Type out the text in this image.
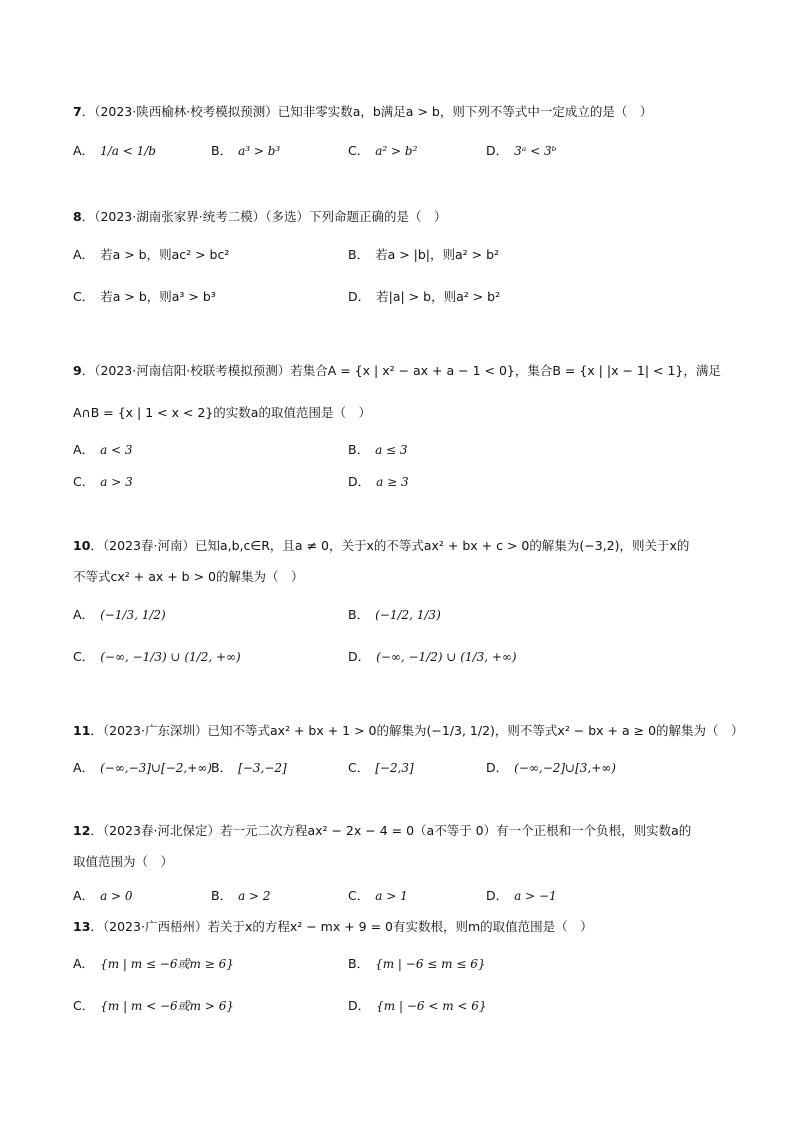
7．（2023·陕西榆林·校考模拟预测）已知非零实数a，b满足a > b，则下列不等式中一定成立的是（　）
A． 1/a < 1/b	B． a³ > b³	C． a² > b²	D． 3ᵃ < 3ᵇ
8．（2023·湖南张家界·统考二模）（多选）下列命题正确的是（　）
A． 若a > b，则ac² > bc²	B． 若a > |b|，则a² > b²
C． 若a > b，则a³ > b³	D． 若|a| > b，则a² > b²
9．（2023·河南信阳·校联考模拟预测）若集合A = {x | x² − ax + a − 1 < 0}，集合B = {x | |x − 1| < 1}，满足
A∩B = {x | 1 < x < 2}的实数a的取值范围是（　）
A． a < 3	B． a ≤ 3
C． a > 3	D． a ≥ 3
10．（2023春·河南）已知a,b,c∈R，且a ≠ 0，关于x的不等式ax² + bx + c > 0的解集为(−3,2)，则关于x的
不等式cx² + ax + b > 0的解集为（　）
A． (−1/3, 1/2)	B． (−1/2, 1/3)
C． (−∞, −1/3) ∪ (1/2, +∞)	D． (−∞, −1/2) ∪ (1/3, +∞)
11．（2023·广东深圳）已知不等式ax² + bx + 1 > 0的解集为(−1/3, 1/2)，则不等式x² − bx + a ≥ 0的解集为（　）
A． (−∞,−3]∪[−2,+∞) B． [−3,−2]	C． [−2,3]	D． (−∞,−2]∪[3,+∞)
12．（2023春·河北保定）若一元二次方程ax² − 2x − 4 = 0（a不等于 0）有一个正根和一个负根，则实数a的
取值范围为（　）
A． a > 0	B． a > 2	C． a > 1	D． a > −1
13．（2023·广西梧州）若关于x的方程x² − mx + 9 = 0有实数根，则m的取值范围是（　）
A． {m | m ≤ −6或m ≥ 6}	B． {m | −6 ≤ m ≤ 6}
C． {m | m < −6或m > 6}	D． {m | −6 < m < 6}
